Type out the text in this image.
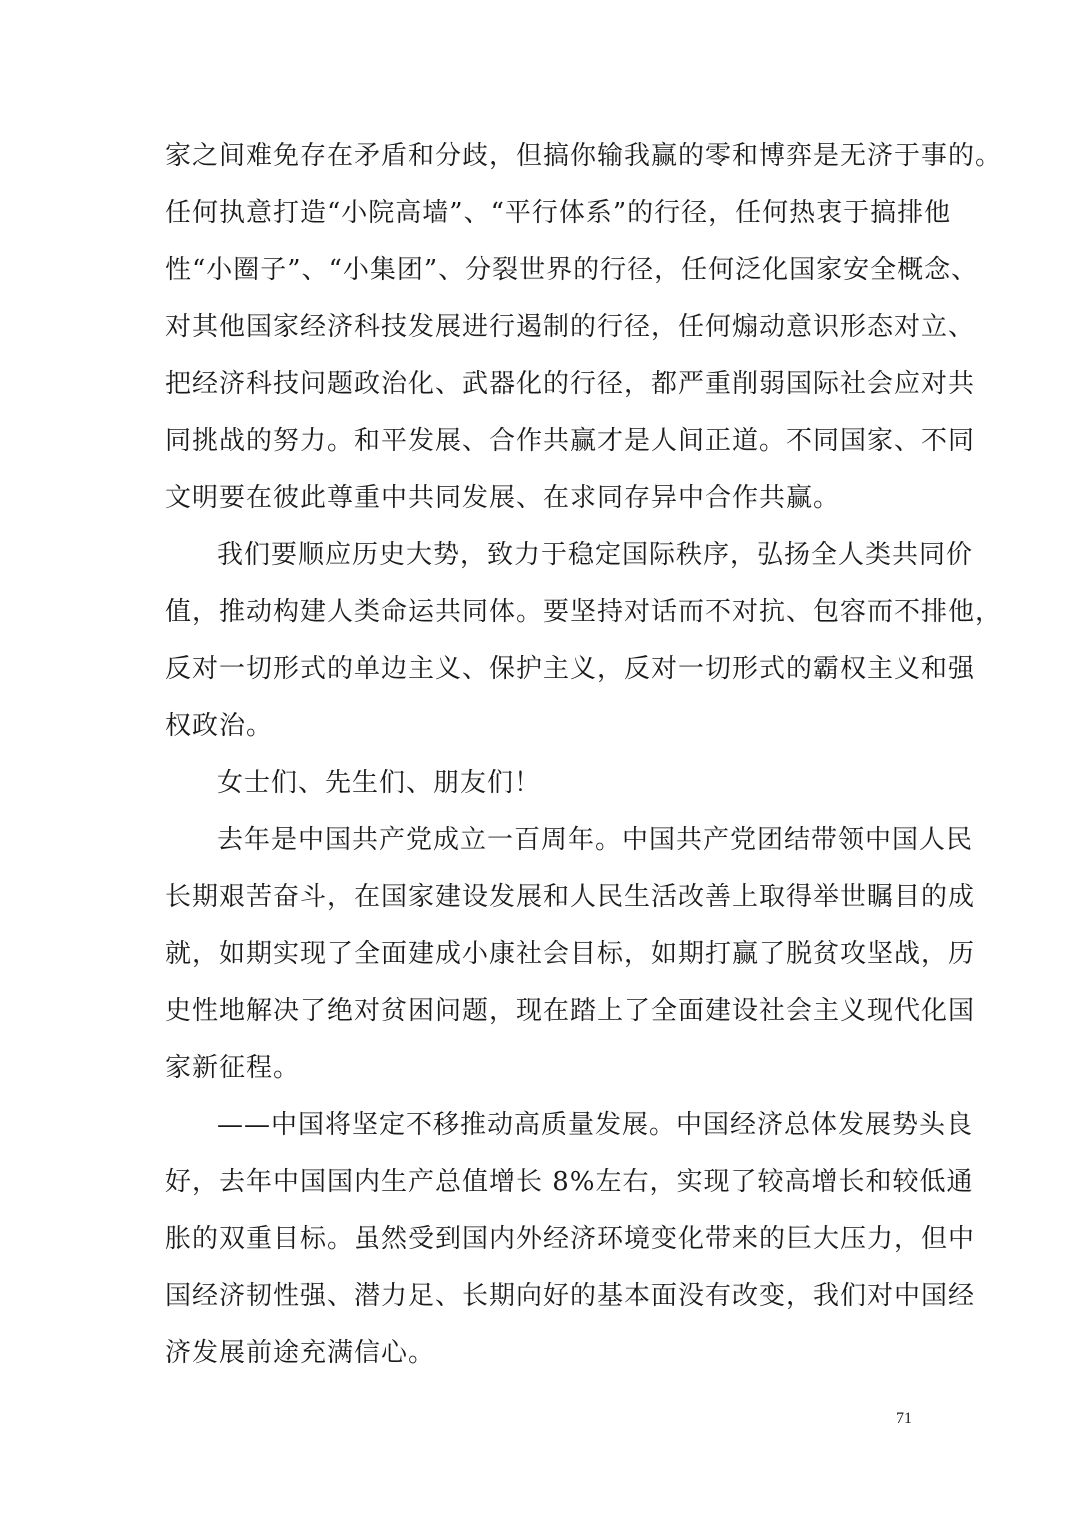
家之间难免存在矛盾和分歧，但搞你输我赢的零和博弈是无济于事的。
任何执意打造“小院高墙”、“平行体系”的行径，任何热衷于搞排他
性“小圈子”、“小集团”、分裂世界的行径，任何泛化国家安全概念、
对其他国家经济科技发展进行遏制的行径，任何煽动意识形态对立、
把经济科技问题政治化、武器化的行径，都严重削弱国际社会应对共
同挑战的努力。和平发展、合作共赢才是人间正道。不同国家、不同
文明要在彼此尊重中共同发展、在求同存异中合作共赢。
我们要顺应历史大势，致力于稳定国际秩序，弘扬全人类共同价
值，推动构建人类命运共同体。要坚持对话而不对抗、包容而不排他，
反对一切形式的单边主义、保护主义，反对一切形式的霸权主义和强
权政治。
女士们、先生们、朋友们！
去年是中国共产党成立一百周年。中国共产党团结带领中国人民
长期艰苦奋斗，在国家建设发展和人民生活改善上取得举世瞩目的成
就，如期实现了全面建成小康社会目标，如期打赢了脱贫攻坚战，历
史性地解决了绝对贫困问题，现在踏上了全面建设社会主义现代化国
家新征程。
——中国将坚定不移推动高质量发展。中国经济总体发展势头良
好，去年中国国内生产总值增长 8%左右，实现了较高增长和较低通
胀的双重目标。虽然受到国内外经济环境变化带来的巨大压力，但中
国经济韧性强、潜力足、长期向好的基本面没有改变，我们对中国经
济发展前途充满信心。
71
